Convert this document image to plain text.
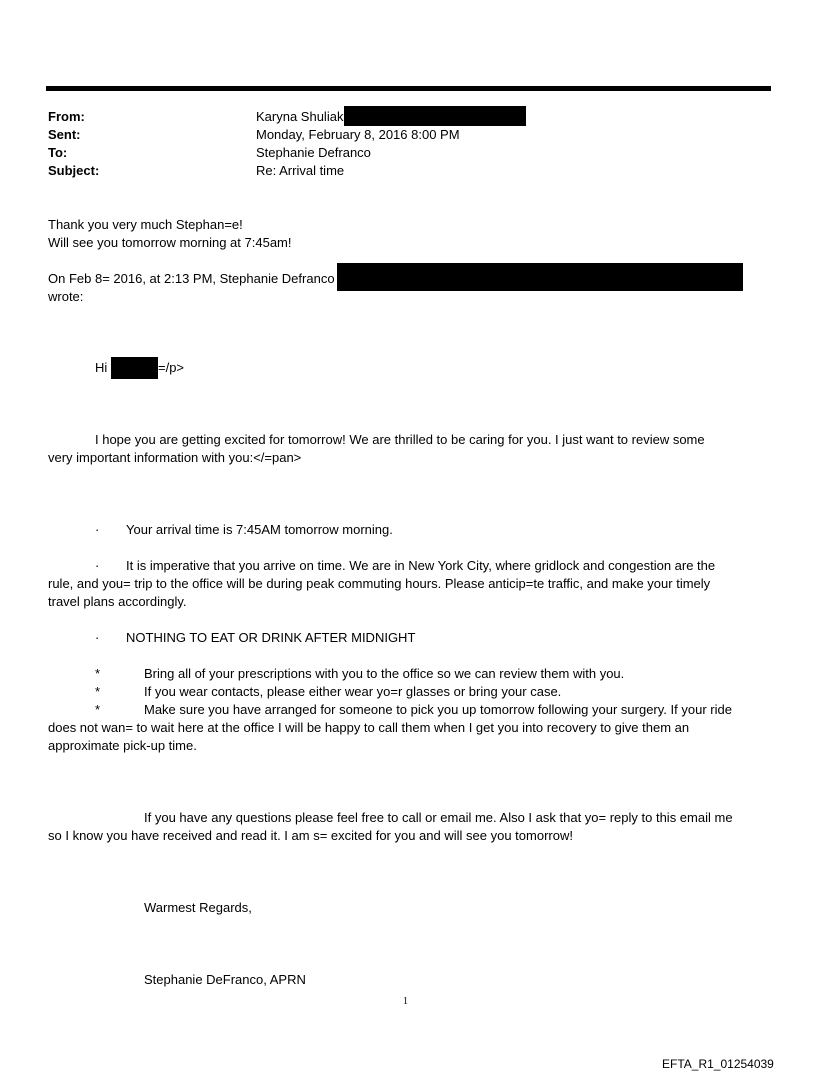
From:	Karyna Shuliak
Sent:	Monday, February 8, 2016 8:00 PM
To:	Stephanie Defranco
Subject:	Re: Arrival time
Thank you very much Stephan=e!
Will see you tomorrow morning at 7:45am!
On Feb 8= 2016, at 2:13 PM, Stephanie Defranco
wrote:
Hi	=/p>
I hope you are getting excited for tomorrow! We are thrilled to be caring for you. I just want to review some
very important information with you:</=pan>
· Your arrival time is 7:45AM tomorrow morning.
· It is imperative that you arrive on time. We are in New York City, where gridlock and congestion are the
rule, and you= trip to the office will be during peak commuting hours. Please anticip=te traffic, and make your timely
travel plans accordingly.
· NOTHING TO EAT OR DRINK AFTER MIDNIGHT
*	Bring all of your prescriptions with you to the office so we can review them with you.
*	If you wear contacts, please either wear yo=r glasses or bring your case.
*	Make sure you have arranged for someone to pick you up tomorrow following your surgery. If your ride
does not wan= to wait here at the office I will be happy to call them when I get you into recovery to give them an
approximate pick-up time.
If you have any questions please feel free to call or email me. Also I ask that yo= reply to this email me
so I know you have received and read it. I am s= excited for you and will see you tomorrow!
Warmest Regards,
Stephanie DeFranco, APRN
1
EFTA_R1_01254039
